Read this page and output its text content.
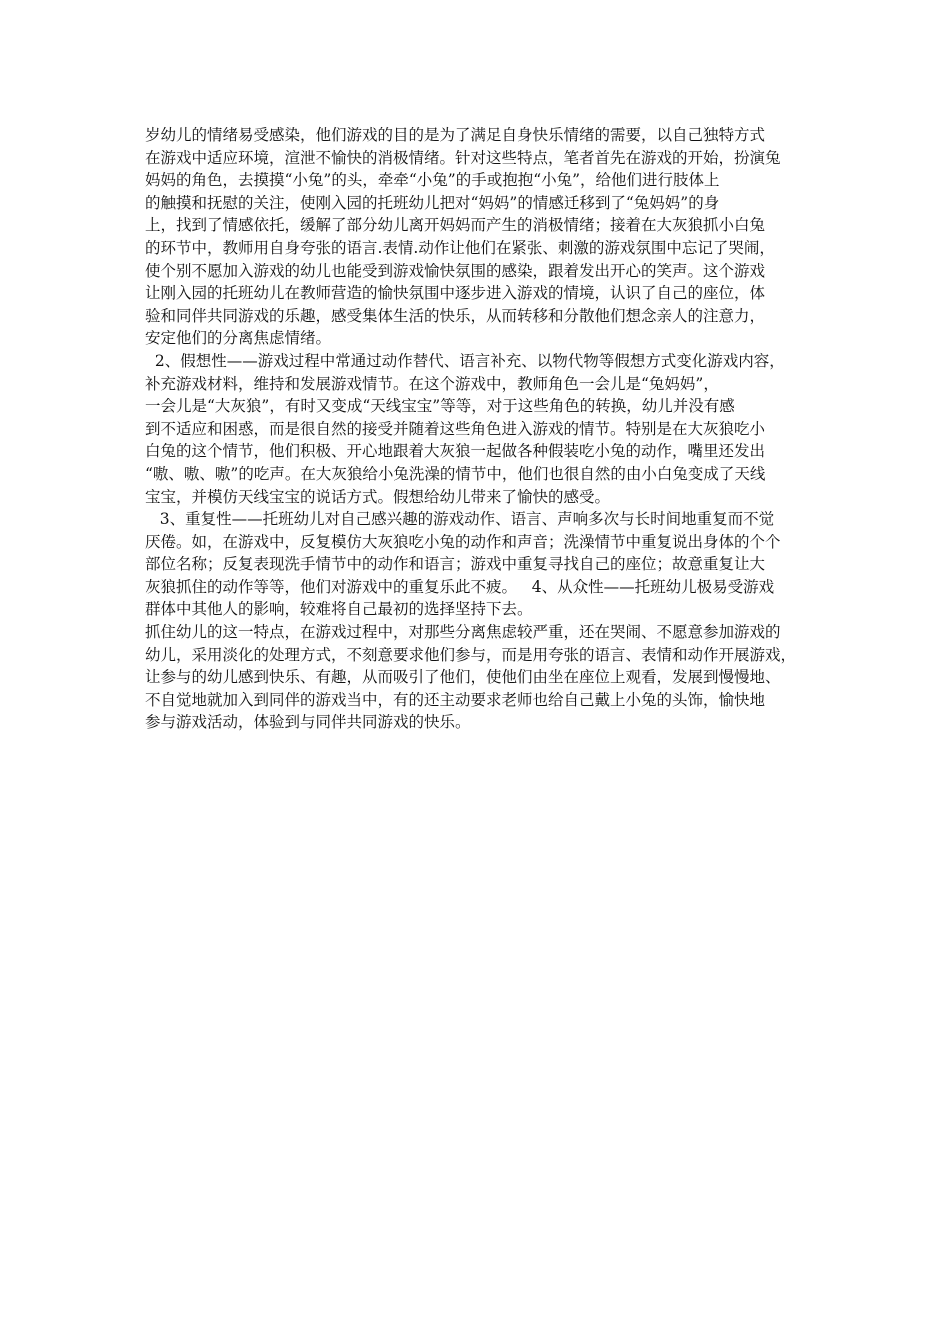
岁幼儿的情绪易受感染，他们游戏的目的是为了满足自身快乐情绪的需要，以自己独特方式
在游戏中适应环境，渲泄不愉快的消极情绪。针对这些特点，笔者首先在游戏的开始，扮演兔
妈妈的角色，去摸摸“小兔”的头，牵牵“小兔”的手或抱抱“小兔”，给他们进行肢体上
的触摸和抚慰的关注，使刚入园的托班幼儿把对“妈妈”的情感迁移到了“兔妈妈”的身
上，找到了情感依托，缓解了部分幼儿离开妈妈而产生的消极情绪；接着在大灰狼抓小白兔
的环节中，教师用自身夸张的语言.表情.动作让他们在紧张、刺激的游戏氛围中忘记了哭闹，
使个别不愿加入游戏的幼儿也能受到游戏愉快氛围的感染，跟着发出开心的笑声。这个游戏
让刚入园的托班幼儿在教师营造的愉快氛围中逐步进入游戏的情境，认识了自己的座位，体
验和同伴共同游戏的乐趣，感受集体生活的快乐，从而转移和分散他们想念亲人的注意力，
安定他们的分离焦虑情绪。
2、假想性——游戏过程中常通过动作替代、语言补充、以物代物等假想方式变化游戏内容，
补充游戏材料，维持和发展游戏情节。在这个游戏中，教师角色一会儿是“兔妈妈”，
一会儿是“大灰狼”，有时又变成“天线宝宝”等等，对于这些角色的转换，幼儿并没有感
到不适应和困惑，而是很自然的接受并随着这些角色进入游戏的情节。特别是在大灰狼吃小
白兔的这个情节，他们积极、开心地跟着大灰狼一起做各种假装吃小兔的动作，嘴里还发出
“嗷、嗷、嗷”的吃声。在大灰狼给小兔洗澡的情节中，他们也很自然的由小白兔变成了天线
宝宝，并模仿天线宝宝的说话方式。假想给幼儿带来了愉快的感受。
3、重复性——托班幼儿对自己感兴趣的游戏动作、语言、声响多次与长时间地重复而不觉
厌倦。如，在游戏中，反复模仿大灰狼吃小兔的动作和声音；洗澡情节中重复说出身体的个个
部位名称；反复表现洗手情节中的动作和语言；游戏中重复寻找自己的座位；故意重复让大
灰狼抓住的动作等等，他们对游戏中的重复乐此不疲。   4、从众性——托班幼儿极易受游戏
群体中其他人的影响，较难将自己最初的选择坚持下去。
抓住幼儿的这一特点，在游戏过程中，对那些分离焦虑较严重，还在哭闹、不愿意参加游戏的
幼儿，采用淡化的处理方式，不刻意要求他们参与，而是用夸张的语言、表情和动作开展游戏，
让参与的幼儿感到快乐、有趣，从而吸引了他们，使他们由坐在座位上观看，发展到慢慢地、
不自觉地就加入到同伴的游戏当中，有的还主动要求老师也给自己戴上小兔的头饰，愉快地
参与游戏活动，体验到与同伴共同游戏的快乐。
